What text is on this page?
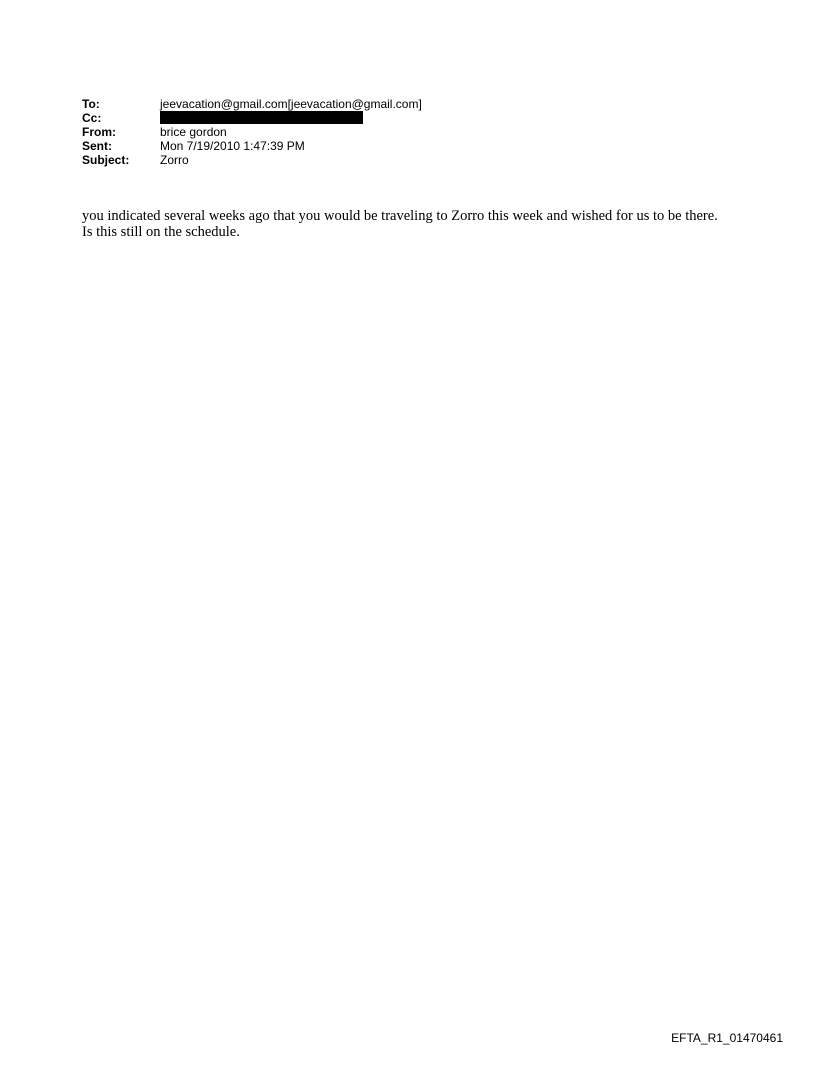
To:	jeevacation@gmail.com[jeevacation@gmail.com]
Cc:	
From:	brice gordon
Sent:	Mon 7/19/2010 1:47:39 PM
Subject:	Zorro

you indicated several weeks ago that you would be traveling to Zorro this week and wished for us to be there.

Is this still on the schedule.

EFTA_R1_01470461
